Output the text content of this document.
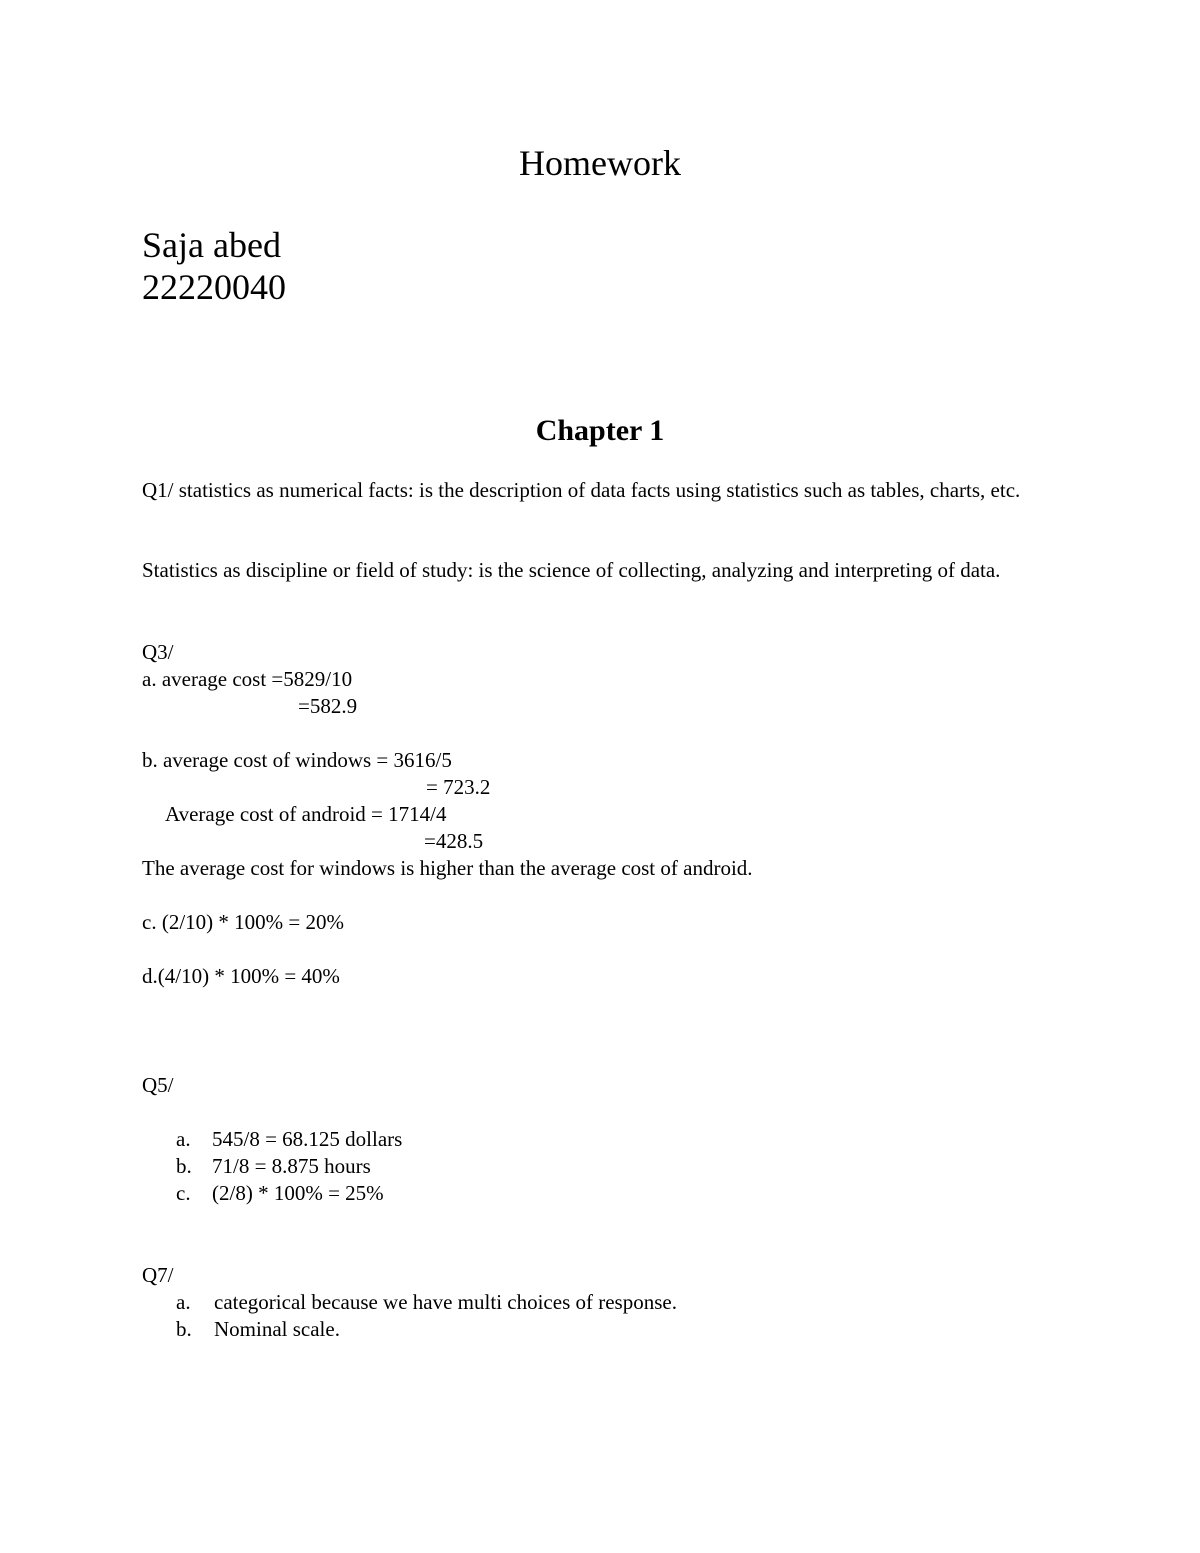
Homework
Saja abed
22220040
Chapter 1
Q1/ statistics as numerical facts: is the description of data facts using statistics such as tables, charts, etc.
Statistics as discipline or field of study: is the science of collecting, analyzing and interpreting of data.
Q3/
a. average cost =5829/10
=582.9
b. average cost of windows = 3616/5
= 723.2
Average cost of android = 1714/4
=428.5
The average cost for windows is higher than the average cost of android.
c. (2/10) * 100% = 20%
d.(4/10) * 100% = 40%
Q5/
a. 545/8 = 68.125 dollars
b. 71/8 = 8.875 hours
c. (2/8) * 100% = 25%
Q7/
a. categorical because we have multi choices of response.
b. Nominal scale.
